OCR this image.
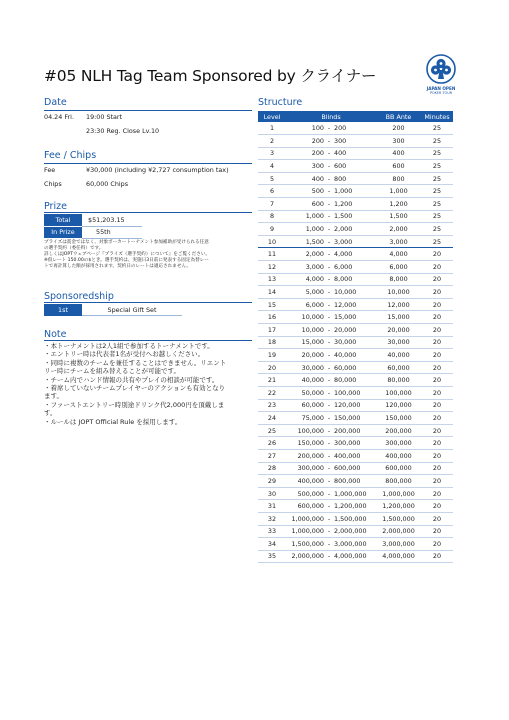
#05 NLH Tag Team Sponsored by クライナー
JAPAN OPEN
POKER TOUR
Date
04.24 Fri. 19:00 Start
23:30 Reg. Close Lv.10
Fee / Chips
Fee	¥30,000 (including ¥2,727 consumption tax)
Chips	60,000 Chips
Prize
Total	$51,203.15
In Prize	55th
プライズは賞金ではなく、対象ポーカートーナメント参加補助が受けられる任意
の選手契約（委任料）です。
詳しくはJOPTウェブページ『プライズ（選手契約）について』をご覧ください。
※仮レート 150.00の$とき。選手契約は、実施日3日前に発表する固定為替レー
トで再計算した額が採用されます。契約日のレートは適応されません。
Sponsoredship
1st	Special Gift Set
Note
・本トーナメントは2人1組で参加するトーナメントです。
・エントリー時は代表者1名が受付へお越しください。
・同時に複数のチームを兼任することはできません。リエント
リー時にチームを組み替えることが可能です。
・チーム内でハンド情報の共有やプレイの相談が可能です。
・着席していないチームプレイヤーのアクションも有効となり
ます。
・ファーストエントリー時別途ドリンク代2,000円を頂戴しま
す。
・ルールは JOPT Official Rule を採用します。
Structure
Level	Blinds	BB Ante	Minutes
1	100 - 200	200	25
2	200 - 300	300	25
3	200 - 400	400	25
4	300 - 600	600	25
5	400 - 800	800	25
6	500 - 1,000	1,000	25
7	600 - 1,200	1,200	25
8	1,000 - 1,500	1,500	25
9	1,000 - 2,000	2,000	25
10	1,500 - 3,000	3,000	25
11	2,000 - 4,000	4,000	20
12	3,000 - 6,000	6,000	20
13	4,000 - 8,000	8,000	20
14	5,000 - 10,000	10,000	20
15	6,000 - 12,000	12,000	20
16	10,000 - 15,000	15,000	20
17	10,000 - 20,000	20,000	20
18	15,000 - 30,000	30,000	20
19	20,000 - 40,000	40,000	20
20	30,000 - 60,000	60,000	20
21	40,000 - 80,000	80,000	20
22	50,000 - 100,000	100,000	20
23	60,000 - 120,000	120,000	20
24	75,000 - 150,000	150,000	20
25	100,000 - 200,000	200,000	20
26	150,000 - 300,000	300,000	20
27	200,000 - 400,000	400,000	20
28	300,000 - 600,000	600,000	20
29	400,000 - 800,000	800,000	20
30	500,000 - 1,000,000	1,000,000	20
31	600,000 - 1,200,000	1,200,000	20
32	1,000,000 - 1,500,000	1,500,000	20
33	1,000,000 - 2,000,000	2,000,000	20
34	1,500,000 - 3,000,000	3,000,000	20
35	2,000,000 - 4,000,000	4,000,000	20
